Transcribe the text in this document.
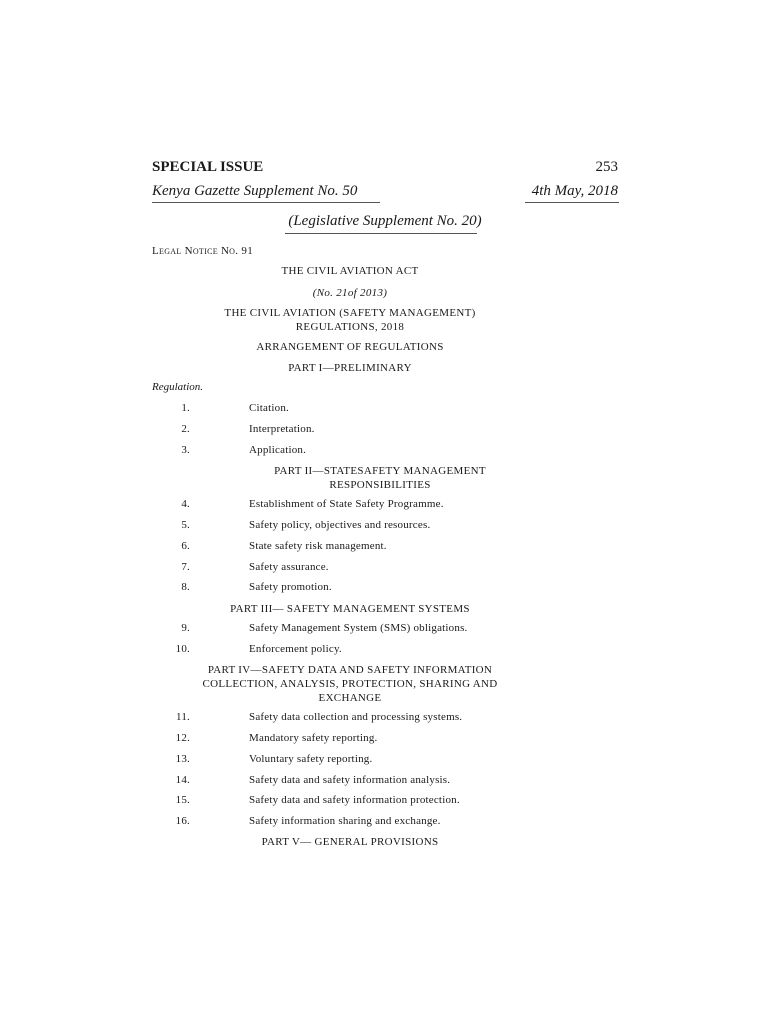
SPECIAL ISSUE	253
Kenya Gazette Supplement No. 50	4th May, 2018
(Legislative Supplement No. 20)
Legal Notice No. 91
THE CIVIL AVIATION ACT
(No. 21of 2013)
THE CIVIL AVIATION (SAFETY MANAGEMENT)
REGULATIONS, 2018
ARRANGEMENT OF REGULATIONS
PART I—PRELIMINARY
Regulation.
1.	Citation.
2.	Interpretation.
3.	Application.
PART II—STATESAFETY MANAGEMENT
RESPONSIBILITIES
4.	Establishment of State Safety Programme.
5.	Safety policy, objectives and resources.
6.	State safety risk management.
7.	Safety assurance.
8.	Safety promotion.
PART III— SAFETY MANAGEMENT SYSTEMS
9.	Safety Management System (SMS) obligations.
10.	Enforcement policy.
PART IV—SAFETY DATA AND SAFETY INFORMATION
COLLECTION, ANALYSIS, PROTECTION, SHARING AND
EXCHANGE
11.	Safety data collection and processing systems.
12.	Mandatory safety reporting.
13.	Voluntary safety reporting.
14.	Safety data and safety information analysis.
15.	Safety data and safety information protection.
16.	Safety information sharing and exchange.
PART V— GENERAL PROVISIONS
